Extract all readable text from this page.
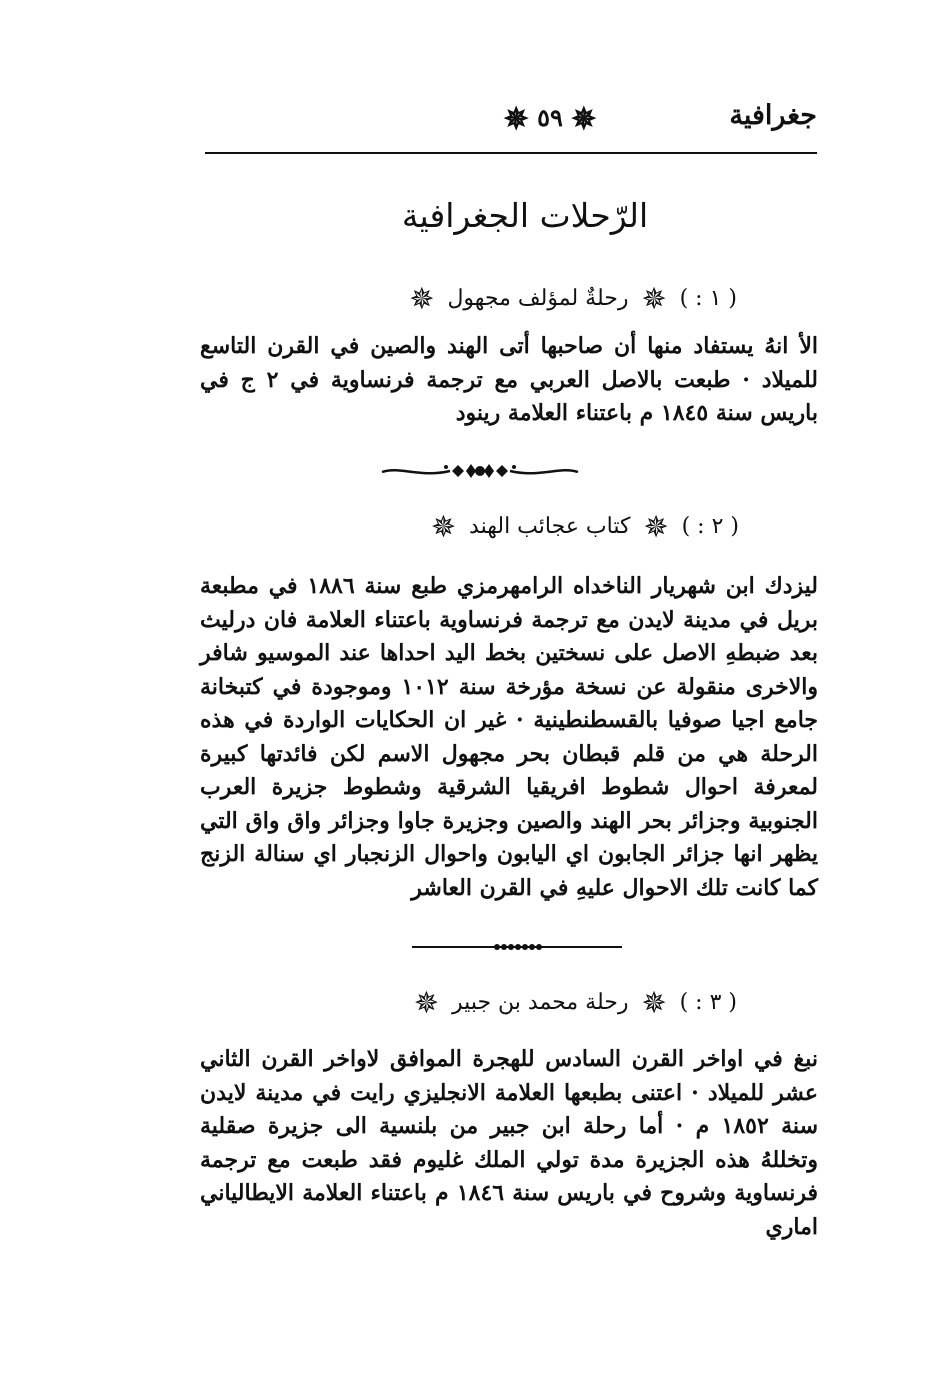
جغرافية
✵ ٥٩ ✵
الرّحلات الجغرافية
( ١ : ) ✵ رحلةٌ لمؤلف مجهول ✵

الأ انهُ يستفاد منها أن صاحبها أتى الهند والصين في القرن التاسع للميلاد · طبعت بالاصل العربي مع ترجمة فرنساوية في ٢ ج في باريس سنة ١٨٤٥ م باعتناء العلامة رينود

( ٢ : ) ✵ كتاب عجائب الهند ✵

ليزدك ابن شهريار الناخداه الرامهرمزي طبع سنة ١٨٨٦ في مطبعة بريل في مدينة لايدن مع ترجمة فرنساوية باعتناء العلامة فان درليث بعد ضبطهِ الاصل على نسختين بخط اليد احداها عند الموسيو شافر والاخرى منقولة عن نسخة مؤرخة سنة ١٠١٢ وموجودة في كتبخانة جامع اجيا صوفيا بالقسطنطينية · غير ان الحكايات الواردة في هذه الرحلة هي من قلم قبطان بحر مجهول الاسم لكن فائدتها كبيرة لمعرفة احوال شطوط افريقيا الشرقية وشطوط جزيرة العرب الجنوبية وجزائر بحر الهند والصين وجزيرة جاوا وجزائر واق واق التي يظهر انها جزائر الجابون اي اليابون واحوال الزنجبار اي سنالة الزنج كما كانت تلك الاحوال عليهِ في القرن العاشر

( ٣ : ) ✵ رحلة محمد بن جبير ✵

نبغ في اواخر القرن السادس للهجرة الموافق لاواخر القرن الثاني عشر للميلاد · اعتنى بطبعها العلامة الانجليزي رايت في مدينة لايدن سنة ١٨٥٢ م · أما رحلة ابن جبير من بلنسية الى جزيرة صقلية وتخللهُ هذه الجزيرة مدة تولي الملك غليوم فقد طبعت مع ترجمة فرنساوية وشروح في باريس سنة ١٨٤٦ م باعتناء العلامة الايطالياني اماري
